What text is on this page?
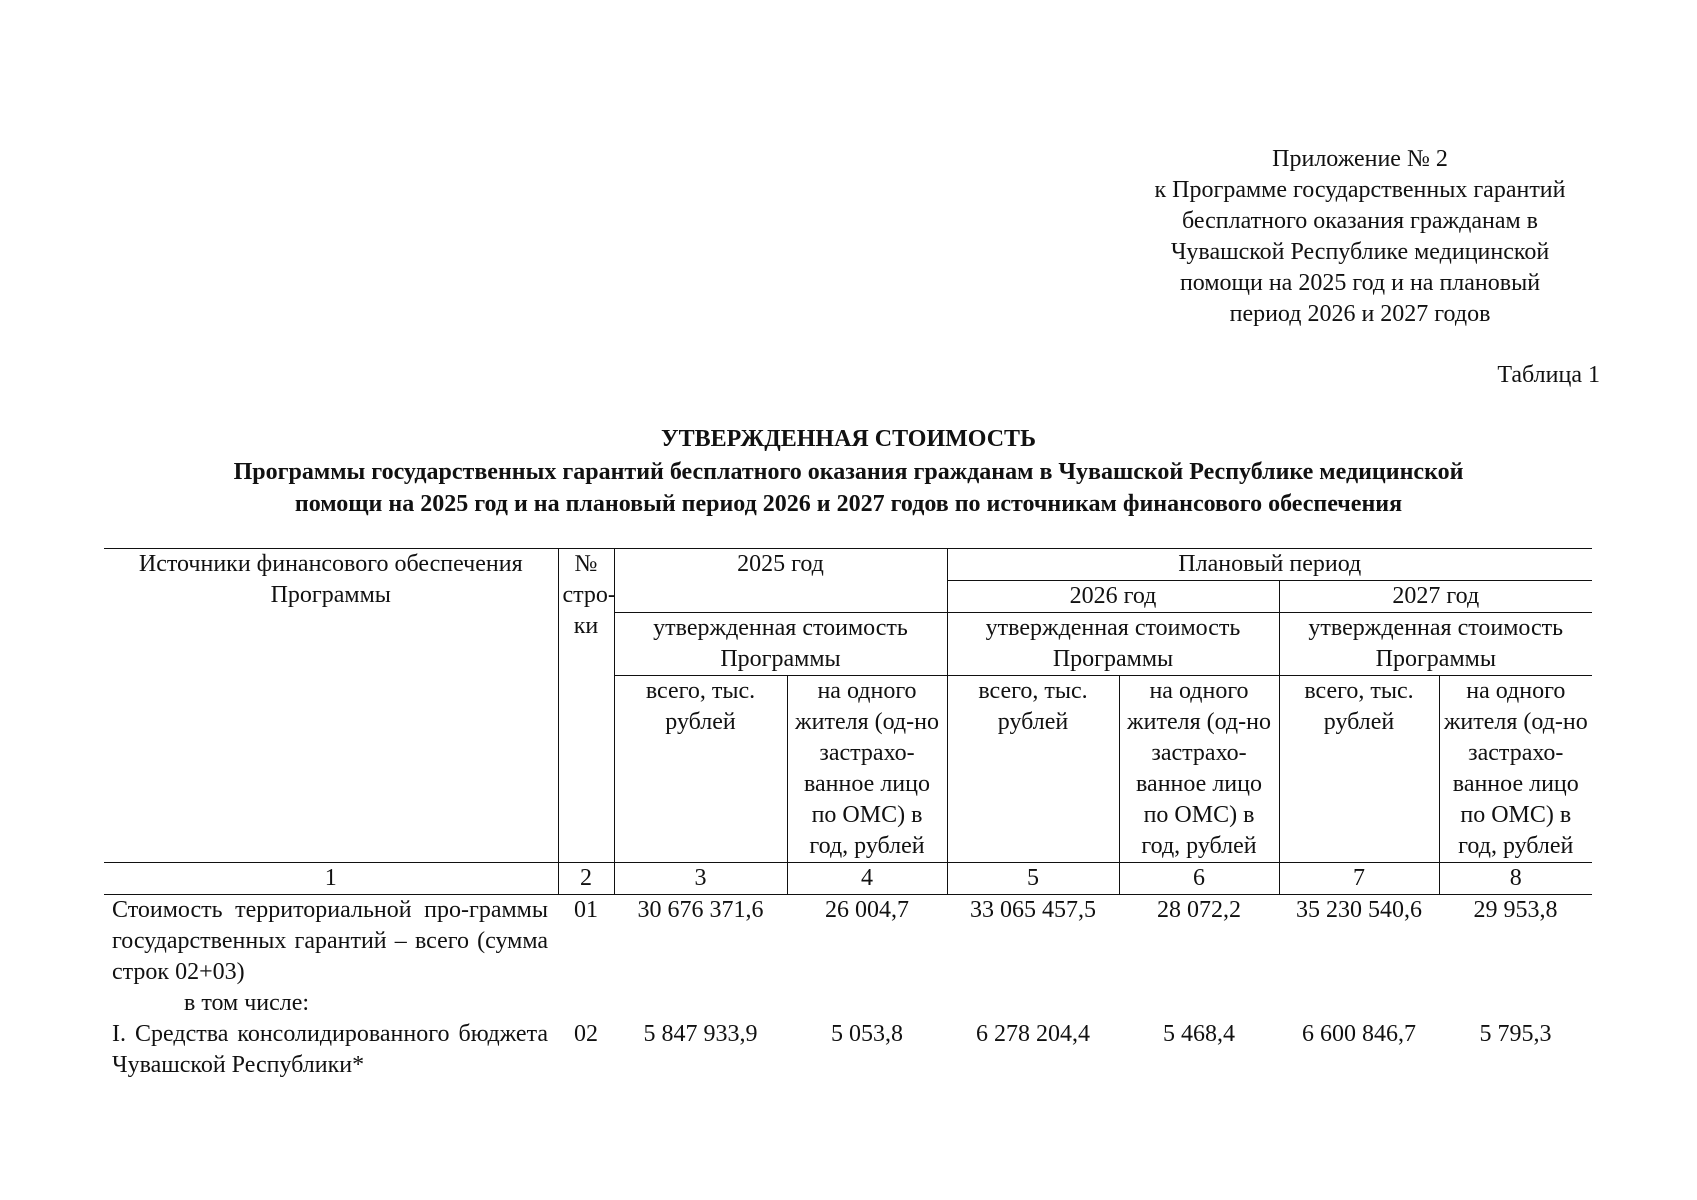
Приложение № 2
к Программе государственных гарантий
бесплатного оказания гражданам в
Чувашской Республике медицинской
помощи на 2025 год и на плановый
период 2026 и 2027 годов
Таблица 1
УТВЕРЖДЕННАЯ СТОИМОСТЬ
Программы государственных гарантий бесплатного оказания гражданам в Чувашской Республике медицинской
помощи на 2025 год и на плановый период 2026 и 2027 годов по источникам финансового обеспечения
Источники финансового обеспечения Программы	№ стро-ки	2025 год		Плановый период			
				2026 год		2027 год	
		утвержденная стоимость Программы		утвержденная стоимость Программы		утвержденная стоимость Программы	
		всего, тыс. рублей	на одного жителя (од-но застрахо-ванное лицо по ОМС) в год, рублей	всего, тыс. рублей	на одного жителя (од-но застрахо-ванное лицо по ОМС) в год, рублей	всего, тыс. рублей	на одного жителя (од-но застрахо-ванное лицо по ОМС) в год, рублей
1	2	3	4	5	6	7	8
Стоимость территориальной про-граммы государственных гарантий – всего (сумма строк 02+03)	01	30 676 371,6	26 004,7	33 065 457,5	28 072,2	35 230 540,6	29 953,8
в том числе:							
I. Средства консолидированного бюджета Чувашской Республики*	02	5 847 933,9	5 053,8	6 278 204,4	5 468,4	6 600 846,7	5 795,3
